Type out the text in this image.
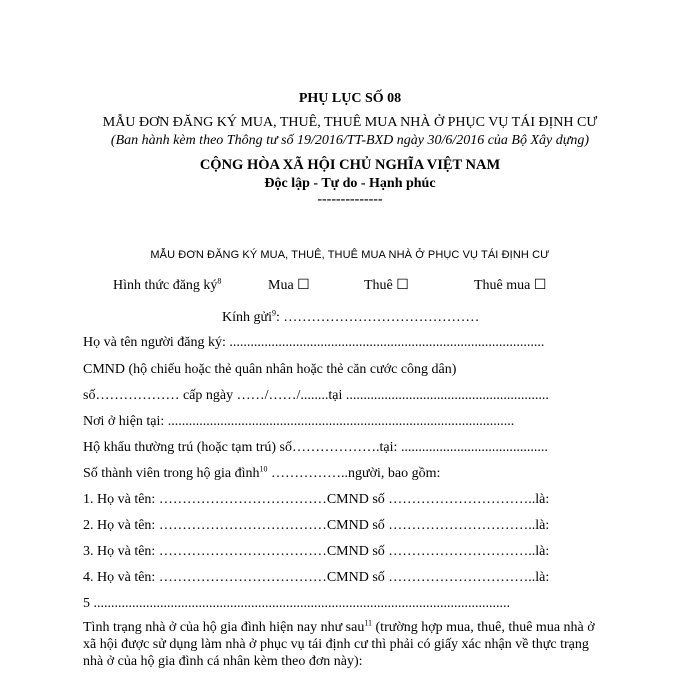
PHỤ LỤC SỐ 08
MẪU ĐƠN ĐĂNG KÝ MUA, THUÊ, THUÊ MUA NHÀ Ở PHỤC VỤ TÁI ĐỊNH CƯ
(Ban hành kèm theo Thông tư số 19/2016/TT-BXD ngày 30/6/2016 của Bộ Xây dựng)
CỘNG HÒA XÃ HỘI CHỦ NGHĨA VIỆT NAM
Độc lập - Tự do - Hạnh phúc
--------------
MẪU ĐƠN ĐĂNG KÝ MUA, THUÊ, THUÊ MUA NHÀ Ở PHỤC VỤ TÁI ĐỊNH CƯ
Hình thức đăng $ký^8$	Mua ☐	Thuê ☐	Thuê mua ☐
Kính gửi$^9$: ……………………………………
Họ và tên người đăng ký: ..........................................................................................
CMND (hộ chiếu hoặc thẻ quân nhân hoặc thẻ căn cước công dân)
số……………… cấp ngày ……/……/........tại ..........................................................
Nơi ở hiện tại: ...................................................................................................
Hộ khẩu thường trú (hoặc tạm trú) số……………….tại: ..........................................
Số thành viên trong hộ gia đình$^{10}$ ……………..người, bao gồm:
1. Họ và tên: ………………………………CMND số …………………………..là:
2. Họ và tên: ………………………………CMND số …………………………..là:
3. Họ và tên: ………………………………CMND số …………………………..là:
4. Họ và tên: ………………………………CMND số …………………………..là:
5 .......................................................................................................................
Tình trạng nhà ở của hộ gia đình hiện nay như sau$^{11}$ (trường hợp mua, thuê, thuê mua nhà ở xã hội được sử dụng làm nhà ở phục vụ tái định cư thì phải có giấy xác nhận về thực trạng nhà ở của hộ gia đình cá nhân kèm theo đơn này):
